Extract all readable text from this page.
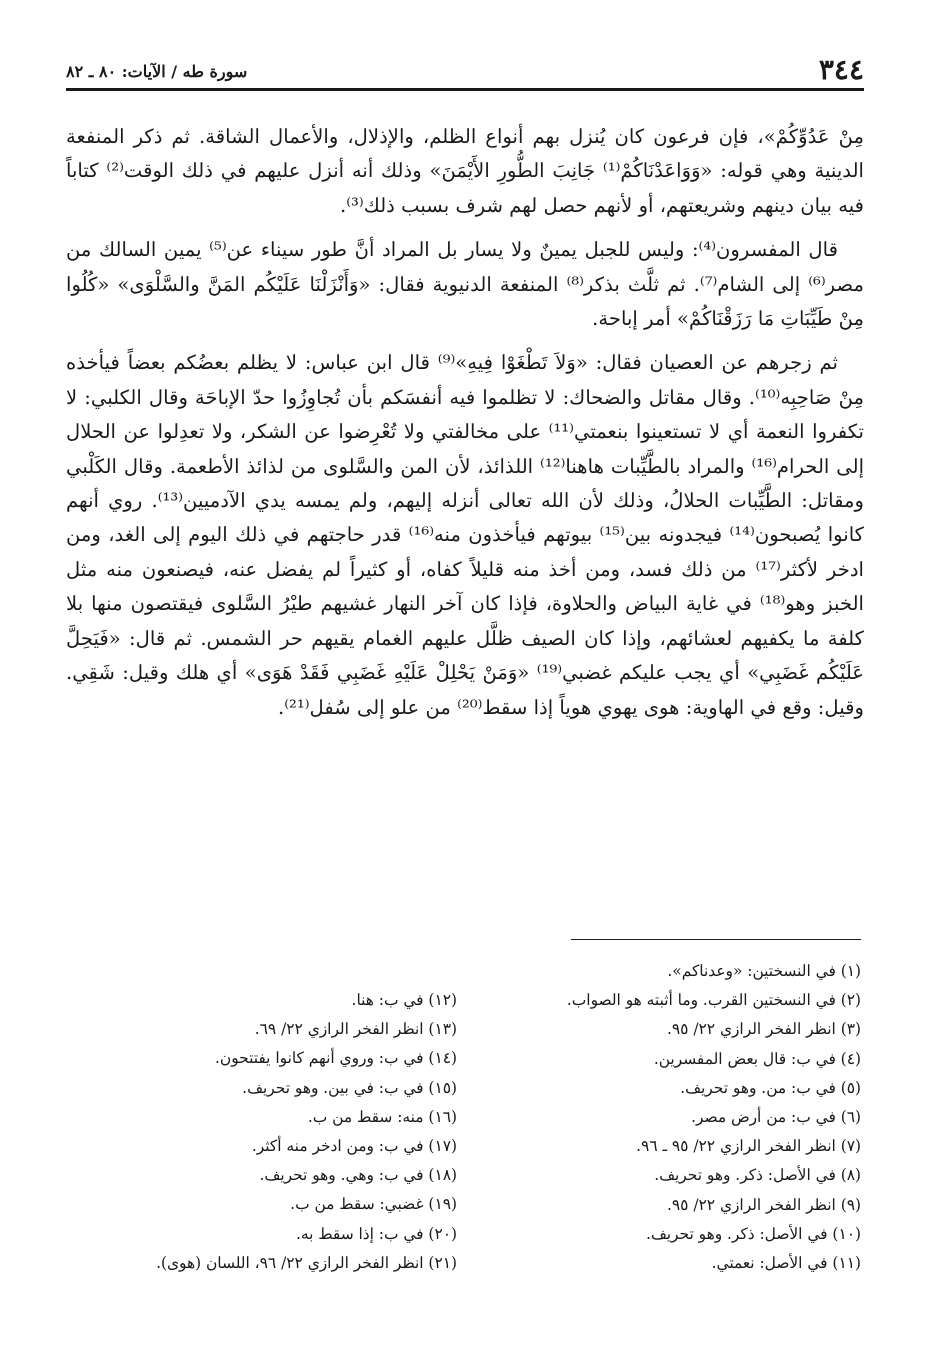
٣٤٤
سورة طه / الآيات: ٨٠ ـ ٨٢

مِنْ عَدُوِّكُمْ»، فإن فرعون كان يُنزل بهم أنواع الظلم، والإذلال، والأعمال الشاقة. ثم ذكر المنفعة الدينية وهي قوله: «وَوَاعَدْنَاكُمْ⁽¹⁾ جَانِبَ الطُّورِ الأَيْمَنَ» وذلك أنه أنزل عليهم في ذلك الوقت⁽²⁾ كتاباً فيه بيان دينهم وشريعتهم، أو لأنهم حصل لهم شرف بسبب ذلك⁽³⁾.

قال المفسرون⁽⁴⁾: وليس للجبل يمينٌ ولا يسار بل المراد أنَّ طور سيناء عن⁽⁵⁾ يمين السالك من مصر⁽⁶⁾ إلى الشام⁽⁷⁾. ثم ثلَّث بذكر⁽⁸⁾ المنفعة الدنيوية فقال: «وَأَنْزَلْنَا عَلَيْكُم المَنَّ والسَّلْوَى» «كُلُوا مِنْ طَيِّبَاتِ مَا رَزَقْنَاكُمْ» أمر إباحة.

ثم زجرهم عن العصيان فقال: «وَلاَ تَطْغَوْا فِيهِ»⁽⁹⁾ قال ابن عباس: لا يظلم بعضُكم بعضاً فيأخذه مِنْ صَاحِبِه⁽¹⁰⁾. وقال مقاتل والضحاك: لا تظلموا فيه أنفسَكم بأن تُجاوِزُوا حدّ الإباحَة وقال الكلبي: لا تكفروا النعمة أي لا تستعينوا بنعمتي⁽¹¹⁾ على مخالفتي ولا تُعْرِضوا عن الشكر، ولا تعدِلوا عن الحلال إلى الحرام⁽¹⁶⁾ والمراد بالطَّيِّبات هاهنا⁽¹²⁾ اللذائذ، لأن المن والسَّلوى من لذائذ الأطعمة. وقال الكَلْبي ومقاتل: الطَّيِّبات الحلالُ، وذلك لأن الله تعالى أنزله إليهم، ولم يمسه يدي الآدميين⁽¹³⁾. روي أنهم كانوا يُصبحون⁽¹⁴⁾ فيجدونه بين⁽¹⁵⁾ بيوتهم فيأخذون منه⁽¹⁶⁾ قدر حاجتهم في ذلك اليوم إلى الغد، ومن ادخر لأكثر⁽¹⁷⁾ من ذلك فسد، ومن أخذ منه قليلاً كفاه، أو كثيراً لم يفضل عنه، فيصنعون منه مثل الخبز وهو⁽¹⁸⁾ في غاية البياض والحلاوة، فإذا كان آخر النهار غشيهم طيْرُ السَّلوى فيقتصون منها بلا كلفة ما يكفيهم لعشائهم، وإذا كان الصيف ظلَّل عليهم الغمام يقيهم حر الشمس. ثم قال: «فَيَحِلَّ عَلَيْكُم غَضَبِي» أي يجب عليكم غضبي⁽¹⁹⁾ «وَمَنْ يَحْلِلْ عَلَيْهِ غَضَبِي فَقَدْ هَوَى» أي هلك وقيل: شَقِي. وقيل: وقع في الهاوية: هوى يهوي هوياً إذا سقط⁽²⁰⁾ من علو إلى سُفل⁽²¹⁾.

(١) في النسختين: «وعدناكم».
(٢) في النسختين القرب. وما أثبته هو الصواب.
(٣) انظر الفخر الرازي ٢٢/ ٩٥.
(٤) في ب: قال بعض المفسرين.
(٥) في ب: من. وهو تحريف.
(٦) في ب: من أرض مصر.
(٧) انظر الفخر الرازي ٢٢/ ٩٥ ـ ٩٦.
(٨) في الأصل: ذكر. وهو تحريف.
(٩) انظر الفخر الرازي ٢٢/ ٩٥.
(١٠) في الأصل: ذكر. وهو تحريف.
(١١) في الأصل: نعمتي.
(١٢) في ب: هنا.
(١٣) انظر الفخر الرازي ٢٢/ ٦٩.
(١٤) في ب: وروي أنهم كانوا يفتتحون.
(١٥) في ب: في بين. وهو تحريف.
(١٦) منه: سقط من ب.
(١٧) في ب: ومن ادخر منه أكثر.
(١٨) في ب: وهي. وهو تحريف.
(١٩) غضبي: سقط من ب.
(٢٠) في ب: إذا سقط به.
(٢١) انظر الفخر الرازي ٢٢/ ٩٦، اللسان (هوى).
